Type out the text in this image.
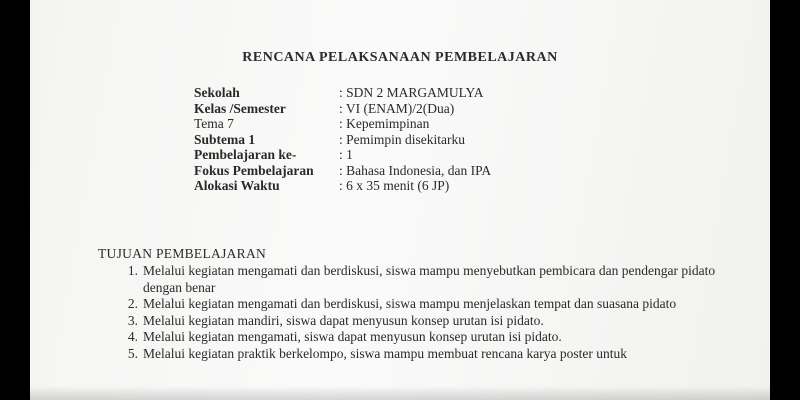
RENCANA PELAKSANAAN PEMBELAJARAN
Sekolah	: SDN 2 MARGAMULYA
Kelas /Semester	: VI (ENAM)/2(Dua)
Tema 7	: Kepemimpinan
Subtema 1	: Pemimpin disekitarku
Pembelajaran ke-	: 1
Fokus Pembelajaran	: Bahasa Indonesia, dan IPA
Alokasi Waktu	: 6 x 35 menit (6 JP)
TUJUAN PEMBELAJARAN
1. Melalui kegiatan mengamati dan berdiskusi, siswa mampu menyebutkan pembicara dan pendengar pidato dengan benar
2. Melalui kegiatan mengamati dan berdiskusi, siswa mampu menjelaskan tempat dan suasana pidato
3. Melalui kegiatan mandiri, siswa dapat menyusun konsep urutan isi pidato.
4. Melalui kegiatan mengamati, siswa dapat menyusun konsep urutan isi pidato.
5. Melalui kegiatan praktik berkelompo, siswa mampu membuat rencana karya poster untuk
